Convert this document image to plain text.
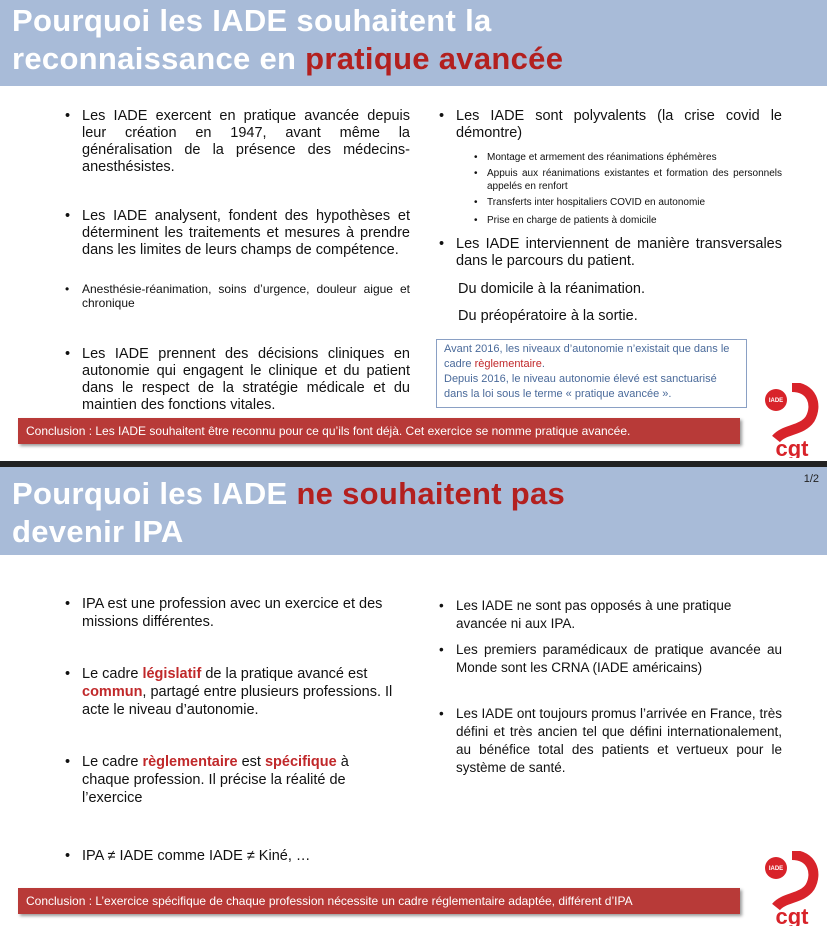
Pourquoi les IADE souhaitent la
reconnaissance en pratique avancée
• Les IADE exercent en pratique avancée depuis leur création en 1947, avant même la généralisation de la présence des médecins-anesthésistes.
• Les IADE analysent, fondent des hypothèses et déterminent les traitements et mesures à prendre dans les limites de leurs champs de compétence.
• Anesthésie-réanimation, soins d’urgence, douleur aigue et chronique
• Les IADE prennent des décisions cliniques en autonomie qui engagent le clinique et du patient dans le respect de la stratégie médicale et du maintien des fonctions vitales.
• Les IADE sont polyvalents (la crise covid le démontre)
• Montage et armement des réanimations éphémères
• Appuis aux réanimations existantes et formation des personnels appelés en renfort
• Transferts inter hospitaliers COVID en autonomie
• Prise en charge de patients à domicile
• Les IADE interviennent de manière transversales dans le parcours du patient.
Du domicile à la réanimation.
Du préopératoire à la sortie.
Avant 2016, les niveaux d’autonomie n’existait que dans le cadre règlementaire.
Depuis 2016, le niveau autonomie élevé est sanctuarisé dans la loi sous le terme « pratique avancée ».
Conclusion : Les IADE souhaitent être reconnu pour ce qu’ils font déjà. Cet exercice se nomme pratique avancée.
IADE
cgt
Pourquoi les IADE ne souhaitent pas
devenir IPA
1/2
• IPA est une profession avec un exercice et des missions différentes.
• Le cadre législatif de la pratique avancé est commun, partagé entre plusieurs professions. Il acte le niveau d’autonomie.
• Le cadre règlementaire est spécifique à chaque profession. Il précise la réalité de l’exercice
• IPA ≠ IADE comme IADE ≠ Kiné, …
• Les IADE ne sont pas opposés à une pratique avancée ni aux IPA.
• Les premiers paramédicaux de pratique avancée au Monde sont les CRNA (IADE américains)
• Les IADE ont toujours promus l’arrivée en France, très défini et très ancien tel que défini internationalement, au bénéfice total des patients et vertueux pour le système de santé.
Conclusion : L’exercice spécifique de chaque profession nécessite un cadre réglementaire adaptée, différent d’IPA
IADE
cgt
